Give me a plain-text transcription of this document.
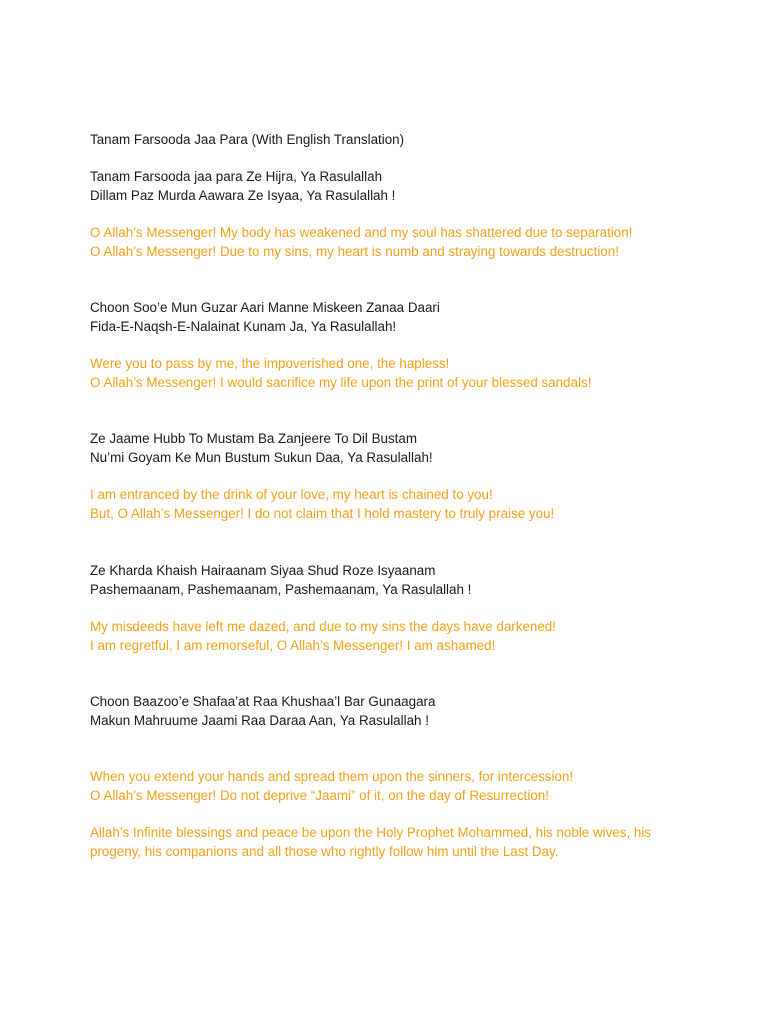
Tanam Farsooda Jaa Para (With English Translation)

Tanam Farsooda jaa para Ze Hijra, Ya Rasulallah

Dillam Paz Murda Aawara Ze Isyaa, Ya Rasulallah !

O Allah’s Messenger! My body has weakened and my soul has shattered due to separation!

O Allah’s Messenger! Due to my sins, my heart is numb and straying towards destruction!

Choon Soo’e Mun Guzar Aari Manne Miskeen Zanaa Daari

Fida-E-Naqsh-E-Nalainat Kunam Ja, Ya Rasulallah!

Were you to pass by me, the impoverished one, the hapless!

O Allah’s Messenger! I would sacrifice my life upon the print of your blessed sandals!

Ze Jaame Hubb To Mustam Ba Zanjeere To Dil Bustam

Nu’mi Goyam Ke Mun Bustum Sukun Daa, Ya Rasulallah!

I am entranced by the drink of your love, my heart is chained to you!

But, O Allah’s Messenger! I do not claim that I hold mastery to truly praise you!

Ze Kharda Khaish Hairaanam Siyaa Shud Roze Isyaanam

Pashemaanam, Pashemaanam, Pashemaanam, Ya Rasulallah !

My misdeeds have left me dazed, and due to my sins the days have darkened!

I am regretful, I am remorseful, O Allah’s Messenger! I am ashamed!

Choon Baazoo’e Shafaa’at Raa Khushaa’l Bar Gunaagara

Makun Mahruume Jaami Raa Daraa Aan, Ya Rasulallah !

When you extend your hands and spread them upon the sinners, for intercession!

O Allah’s Messenger! Do not deprive “Jaami” of it, on the day of Resurrection!

Allah’s Infinite blessings and peace be upon the Holy Prophet Mohammed, his noble wives, his

progeny, his companions and all those who rightly follow him until the Last Day.
